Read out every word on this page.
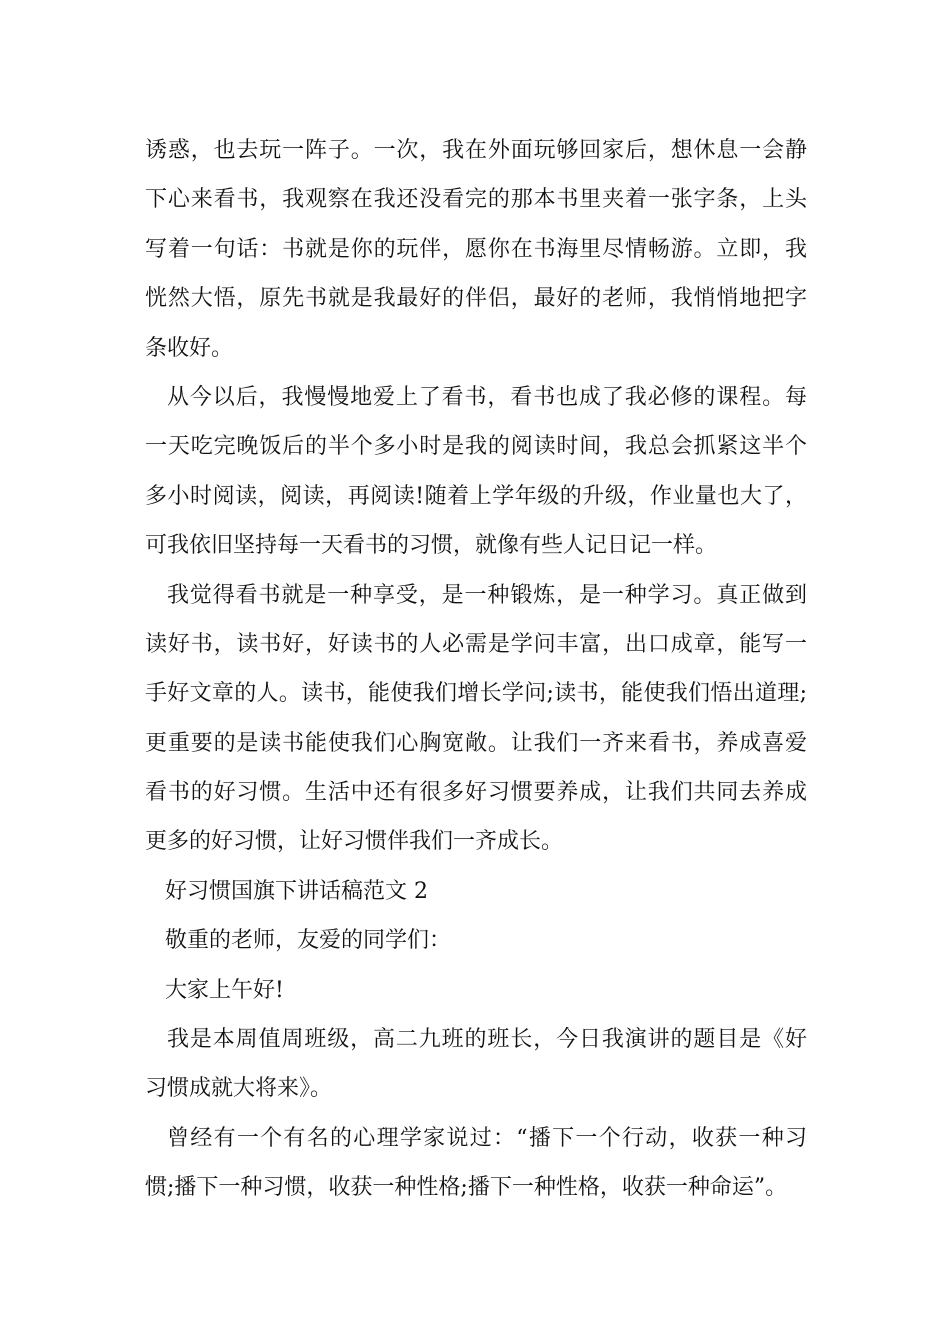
诱惑，也去玩一阵子。一次，我在外面玩够回家后，想休息一会静
下心来看书，我观察在我还没看完的那本书里夹着一张字条，上头
写着一句话：书就是你的玩伴，愿你在书海里尽情畅游。立即，我
恍然大悟，原先书就是我最好的伴侣，最好的老师，我悄悄地把字
条收好。
从今以后，我慢慢地爱上了看书，看书也成了我必修的课程。每
一天吃完晚饭后的半个多小时是我的阅读时间，我总会抓紧这半个
多小时阅读，阅读，再阅读!随着上学年级的升级，作业量也大了，
可我依旧坚持每一天看书的习惯，就像有些人记日记一样。
我觉得看书就是一种享受，是一种锻炼，是一种学习。真正做到
读好书，读书好，好读书的人必需是学问丰富，出口成章，能写一
手好文章的人。读书，能使我们增长学问;读书，能使我们悟出道理;
更重要的是读书能使我们心胸宽敞。让我们一齐来看书，养成喜爱
看书的好习惯。生活中还有很多好习惯要养成，让我们共同去养成
更多的好习惯，让好习惯伴我们一齐成长。
好习惯国旗下讲话稿范文 2
敬重的老师，友爱的同学们：
大家上午好!
我是本周值周班级，高二九班的班长，今日我演讲的题目是《好
习惯成就大将来》。
曾经有一个有名的心理学家说过：“播下一个行动，收获一种习
惯;播下一种习惯，收获一种性格;播下一种性格，收获一种命运”。
